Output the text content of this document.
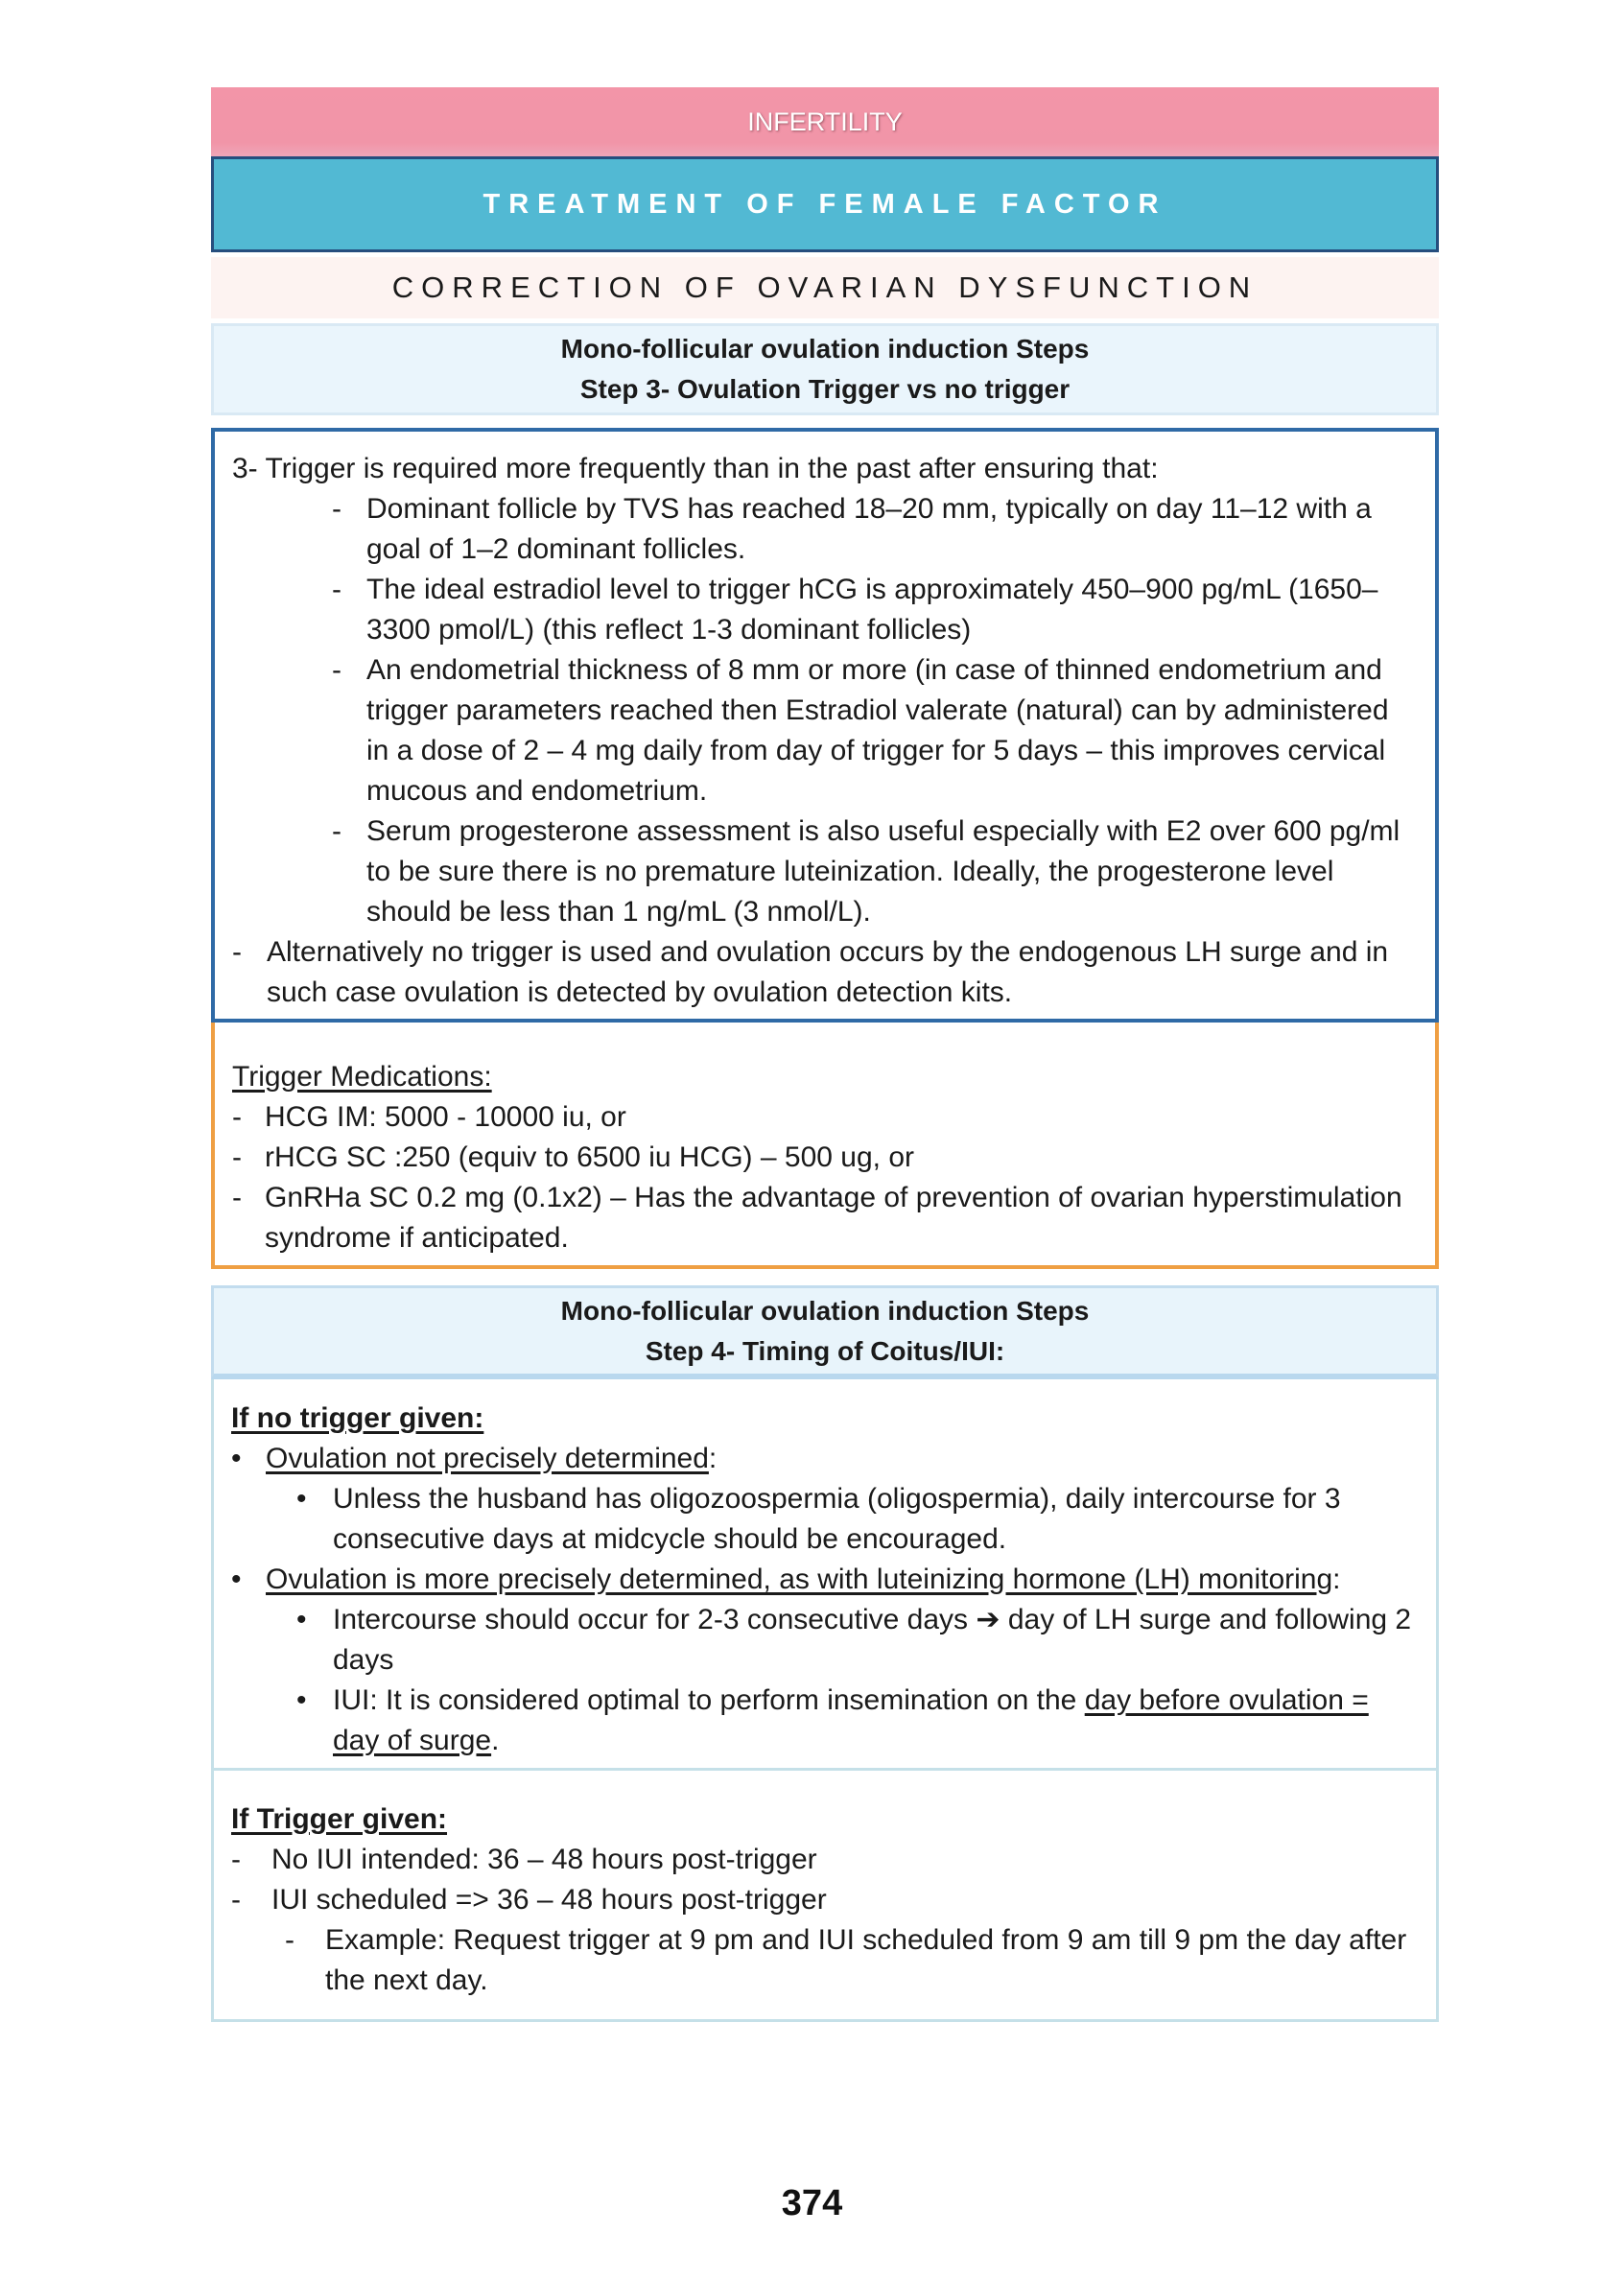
INFERTILITY
TREATMENT OF FEMALE FACTOR
CORRECTION OF OVARIAN DYSFUNCTION
Mono-follicular ovulation induction Steps
Step 3- Ovulation Trigger vs no trigger
3- Trigger is required more frequently than in the past after ensuring that:
- Dominant follicle by TVS has reached 18–20 mm, typically on day 11–12 with a goal of 1–2 dominant follicles.
- The ideal estradiol level to trigger hCG is approximately 450–900 pg/mL (1650–3300 pmol/L) (this reflect 1-3 dominant follicles)
- An endometrial thickness of 8 mm or more (in case of thinned endometrium and trigger parameters reached then Estradiol valerate (natural) can by administered in a dose of 2 – 4 mg daily from day of trigger for 5 days – this improves cervical mucous and endometrium.
- Serum progesterone assessment is also useful especially with E2 over 600 pg/ml to be sure there is no premature luteinization. Ideally, the progesterone level should be less than 1 ng/mL (3 nmol/L).
- Alternatively no trigger is used and ovulation occurs by the endogenous LH surge and in such case ovulation is detected by ovulation detection kits.
Trigger Medications:
- HCG IM: 5000 - 10000 iu, or
- rHCG SC :250 (equiv to 6500 iu HCG) – 500 ug, or
- GnRHa SC 0.2 mg (0.1x2) – Has the advantage of prevention of ovarian hyperstimulation syndrome if anticipated.
Mono-follicular ovulation induction Steps
Step 4- Timing of Coitus/IUI:
If no trigger given:
• Ovulation not precisely determined:
• Unless the husband has oligozoospermia (oligospermia), daily intercourse for 3 consecutive days at midcycle should be encouraged.
• Ovulation is more precisely determined, as with luteinizing hormone (LH) monitoring:
• Intercourse should occur for 2-3 consecutive days ➔ day of LH surge and following 2 days
• IUI: It is considered optimal to perform insemination on the day before ovulation = day of surge.
If Trigger given:
-	No IUI intended: 36 – 48 hours post-trigger
-	IUI scheduled => 36 – 48 hours post-trigger
-	Example: Request trigger at 9 pm and IUI scheduled from 9 am till 9 pm the day after the next day.
374
